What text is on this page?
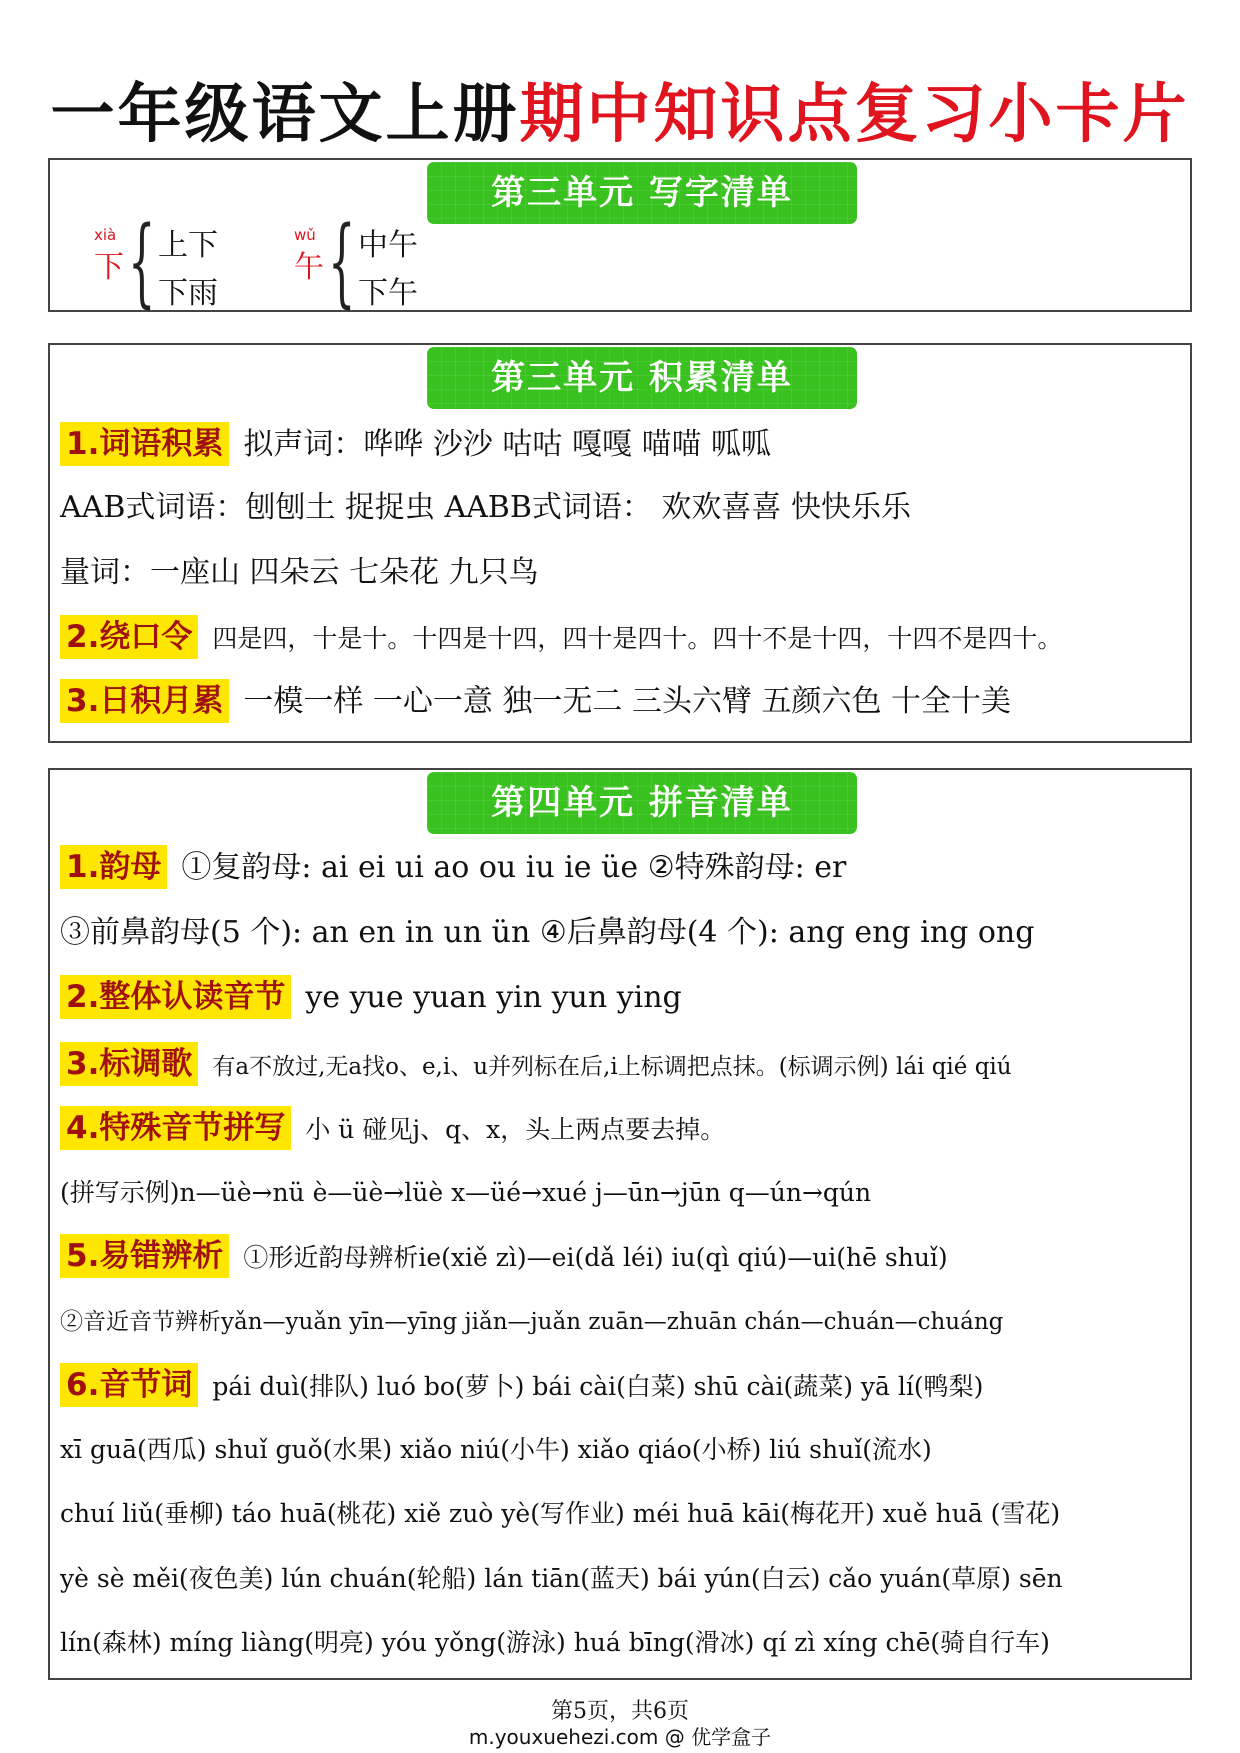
一年级语文上册期中知识点复习小卡片
第三单元 写字清单
xià
下 { 上下
下雨
wǔ
午 { 中午
下午
第三单元 积累清单
1.词语积累 拟声词：哗哗 沙沙 咕咕 嘎嘎 喵喵 呱呱
AAB式词语：刨刨土 捉捉虫 AABB式词语： 欢欢喜喜 快快乐乐
量词：一座山 四朵云 七朵花 九只鸟
2.绕口令 四是四，十是十。十四是十四，四十是四十。四十不是十四，十四不是四十。
3.日积月累 一模一样 一心一意 独一无二 三头六臂 五颜六色 十全十美
第四单元 拼音清单
1.韵母 ①复韵母: ai ei ui ao ou iu ie üe ②特殊韵母: er
③前鼻韵母(5 个): an en in un ün ④后鼻韵母(4 个): ang eng ing ong
2.整体认读音节 ye yue yuan yin yun ying
3.标调歌 有a不放过,无a找o、e,i、u并列标在后,i上标调把点抹。(标调示例) lái qié qiú
4.特殊音节拼写 小 ü 碰见j、q、x，头上两点要去掉。
(拼写示例)n—üè→nü è—üè→lüè x—üé→xué j—ūn→jūn q—ún→qún
5.易错辨析 ①形近韵母辨析ie(xiě zì)—ei(dǎ léi) iu(qì qiú)—ui(hē shuǐ)
②音近音节辨析yǎn—yuǎn yīn—yīng jiǎn—juǎn zuān—zhuān chán—chuán—chuáng
6.音节词 pái duì(排队) luó bo(萝卜) bái cài(白菜) shū cài(蔬菜) yā lí(鸭梨)
xī guā(西瓜) shuǐ guǒ(水果) xiǎo niú(小牛) xiǎo qiáo(小桥) liú shuǐ(流水)
chuí liǔ(垂柳) táo huā(桃花) xiě zuò yè(写作业) méi huā kāi(梅花开) xuě huā (雪花)
yè sè měi(夜色美) lún chuán(轮船) lán tiān(蓝天) bái yún(白云) cǎo yuán(草原) sēn
lín(森林) míng liàng(明亮) yóu yǒng(游泳) huá bīng(滑冰) qí zì xíng chē(骑自行车)
第5页，共6页
m.youxuehezi.com @ 优学盒子
